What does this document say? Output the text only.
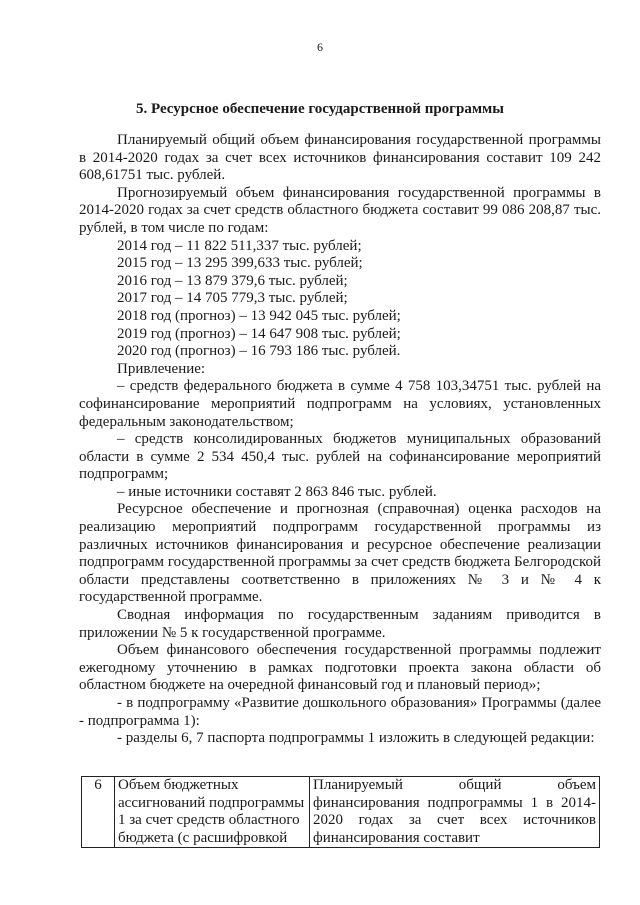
6
5. Ресурсное обеспечение государственной программы

Планируемый общий объем финансирования государственной программы в 2014-2020 годах за счет всех источников финансирования составит 109 242 608,61751 тыс. рублей.

Прогнозируемый объем финансирования государственной программы в 2014-2020 годах за счет средств областного бюджета составит 99 086 208,87 тыс. рублей, в том числе по годам:

2014 год – 11 822 511,337 тыс. рублей;

2015 год – 13 295 399,633 тыс. рублей;

2016 год – 13 879 379,6 тыс. рублей;

2017 год – 14 705 779,3 тыс. рублей;

2018 год (прогноз) – 13 942 045 тыс. рублей;

2019 год (прогноз) – 14 647 908 тыс. рублей;

2020 год (прогноз) – 16 793 186 тыс. рублей.

Привлечение:

– средств федерального бюджета в сумме 4 758 103,34751 тыс. рублей на софинансирование мероприятий подпрограмм на условиях, установленных федеральным законодательством;

– средств консолидированных бюджетов муниципальных образований области в сумме 2 534 450,4 тыс. рублей на софинансирование мероприятий подпрограмм;

– иные источники составят 2 863 846 тыс. рублей.

Ресурсное обеспечение и прогнозная (справочная) оценка расходов на реализацию мероприятий подпрограмм государственной программы из различных источников финансирования и ресурсное обеспечение реализации подпрограмм государственной программы за счет средств бюджета Белгородской области представлены соответственно в приложениях № 3 и № 4 к государственной программе.

Сводная информация по государственным заданиям приводится в приложении № 5 к государственной программе.

Объем финансового обеспечения государственной программы подлежит ежегодному уточнению в рамках подготовки проекта закона области об областном бюджете на очередной финансовый год и плановый период»;

- в подпрограмму «Развитие дошкольного образования» Программы (далее - подпрограмма 1):

- разделы 6, 7 паспорта подпрограммы 1 изложить в следующей редакции:

6	Объем бюджетных ассигнований подпрограммы 1 за счет средств областного бюджета (с расшифровкой	Планируемый общий объем финансирования подпрограммы 1 в 2014-2020 годах за счет всех источников финансирования составит
